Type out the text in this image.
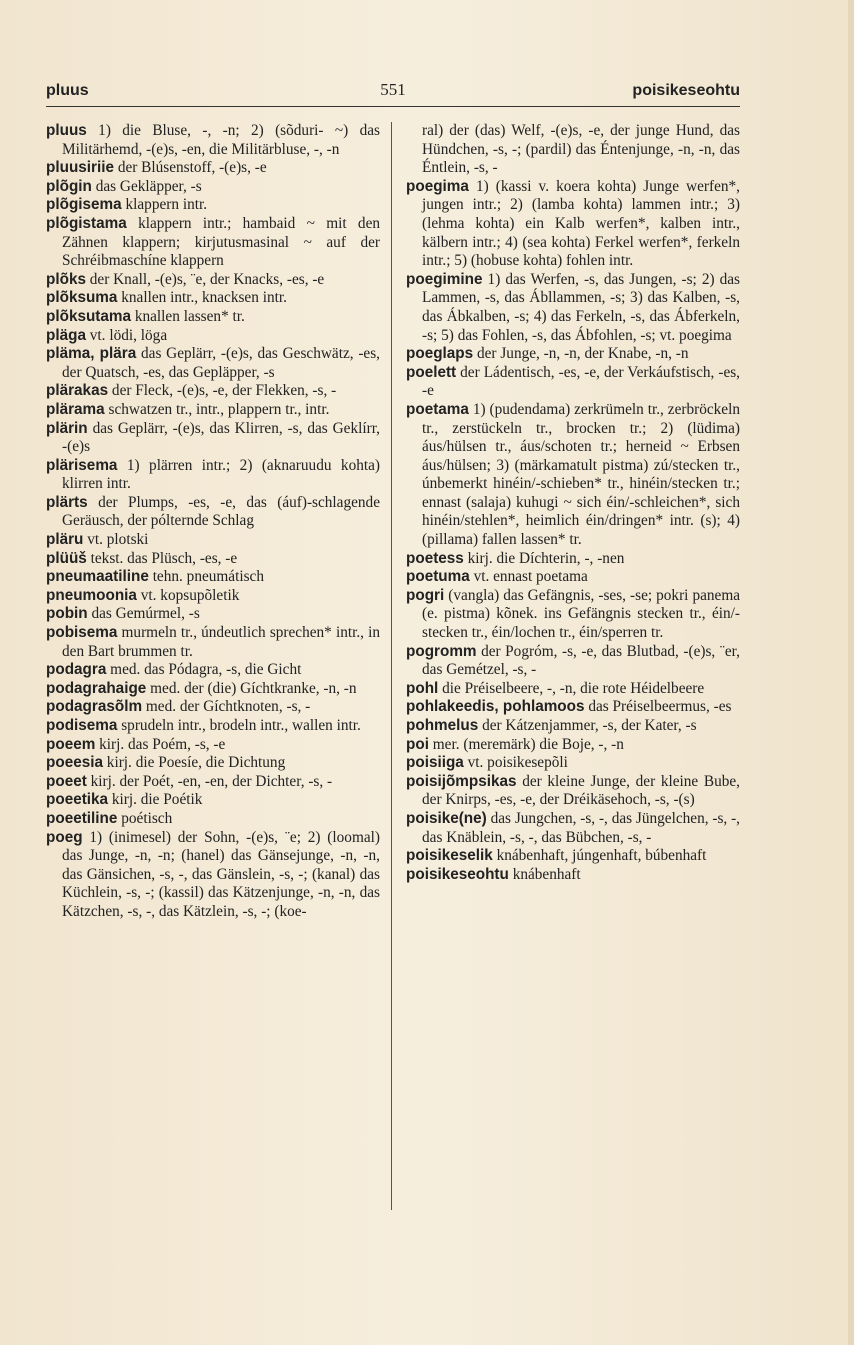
pluus	551	poisikeseohtu
pluus 1) die Bluse, -, -n; 2) (sõduri- ~) das Militärhemd, -(e)s, -en, die Militärbluse, -, -n
pluusiriie der Blúsenstoff, -(e)s, -e
plõgin das Gekläpper, -s
plõgisema klappern intr.
plõgistama klappern intr.; hambaid ~ mit den Zähnen klappern; kirjutusmasinal ~ auf der Schréibmaschíne klappern
plõks der Knall, -(e)s, ¨e, der Knacks, -es, -e
plõksuma knallen intr., knacksen intr.
plõksutama knallen lassen* tr.
pläga vt. lödi, löga
pläma, plära das Geplärr, -(e)s, das Geschwätz, -es, der Quatsch, -es, das Gepläpper, -s
plärakas der Fleck, -(e)s, -e, der Flekken, -s, -
plärama schwatzen tr., intr., plappern tr., intr.
plärin das Geplärr, -(e)s, das Klirren, -s, das Geklírr, -(e)s
plärisema 1) plärren intr.; 2) (aknaruudu kohta) klirren intr.
plärts der Plumps, -es, -e, das (áuf)-schlagende Geräusch, der pólternde Schlag
pläru vt. plotski
plüüš tekst. das Plüsch, -es, -e
pneumaatiline tehn. pneumátisch
pneumoonia vt. kopsupõletik
pobin das Gemúrmel, -s
pobisema murmeln tr., úndeutlich sprechen* intr., in den Bart brummen tr.
podagra med. das Pódagra, -s, die Gicht
podagrahaige med. der (die) Gíchtkranke, -n, -n
podagrasõlm med. der Gíchtknoten, -s, -
podisema sprudeln intr., brodeln intr., wallen intr.
poeem kirj. das Poém, -s, -e
poeesia kirj. die Poesíe, die Dichtung
poeet kirj. der Poét, -en, -en, der Dichter, -s, -
poeetika kirj. die Poétik
poeetiline poétisch
poeg 1) (inimesel) der Sohn, -(e)s, ¨e; 2) (loomal) das Junge, -n, -n; (hanel) das Gänsejunge, -n, -n, das Gänsichen, -s, -, das Gänslein, -s, -; (kanal) das Küchlein, -s, -; (kassil) das Kätzenjunge, -n, -n, das Kätzchen, -s, -, das Kätzlein, -s, -; (koe-
ral) der (das) Welf, -(e)s, -e, der junge Hund, das Hündchen, -s, -; (pardil) das Éntenjunge, -n, -n, das Éntlein, -s, -
poegima 1) (kassi v. koera kohta) Junge werfen*, jungen intr.; 2) (lamba kohta) lammen intr.; 3) (lehma kohta) ein Kalb werfen*, kalben intr., kälbern intr.; 4) (sea kohta) Ferkel werfen*, ferkeln intr.; 5) (hobuse kohta) fohlen intr.
poegimine 1) das Werfen, -s, das Jungen, -s; 2) das Lammen, -s, das Ábllammen, -s; 3) das Kalben, -s, das Ábkalben, -s; 4) das Ferkeln, -s, das Ábferkeln, -s; 5) das Fohlen, -s, das Ábfohlen, -s; vt. poegima
poeglaps der Junge, -n, -n, der Knabe, -n, -n
poelett der Ládentisch, -es, -e, der Verkáufstisch, -es, -e
poetama 1) (pudendama) zerkrümeln tr., zerbröckeln tr., zerstückeln tr., brocken tr.; 2) (lüdima) áus/hülsen tr., áus/schoten tr.; herneid ~ Erbsen áus/hülsen; 3) (märkamatult pistma) zú/stecken tr., únbemerkt hinéin/-schieben* tr., hinéin/stecken tr.; ennast (salaja) kuhugi ~ sich éin/-schleichen*, sich hinéin/stehlen*, heimlich éin/dringen* intr. (s); 4) (pillama) fallen lassen* tr.
poetess kirj. die Díchterin, -, -nen
poetuma vt. ennast poetama
pogri (vangla) das Gefängnis, -ses, -se; pokri panema (e. pistma) kõnek. ins Gefängnis stecken tr., éin/-stecken tr., éin/lochen tr., éin/sperren tr.
pogromm der Pogróm, -s, -e, das Blutbad, -(e)s, ¨er, das Gemétzel, -s, -
pohl die Préiselbeere, -, -n, die rote Héidelbeere
pohlakeedis, pohlamoos das Préiselbeermus, -es
pohmelus der Kátzenjammer, -s, der Kater, -s
poi mer. (meremärk) die Boje, -, -n
poisiiga vt. poisikesepõli
poisijõmpsikas der kleine Junge, der kleine Bube, der Knirps, -es, -e, der Dréikäsehoch, -s, -(s)
poisike(ne) das Jungchen, -s, -, das Jüngelchen, -s, -, das Knäblein, -s, -, das Bübchen, -s, -
poisikeselik knábenhaft, júngenhaft, búbenhaft
poisikeseohtu knábenhaft
